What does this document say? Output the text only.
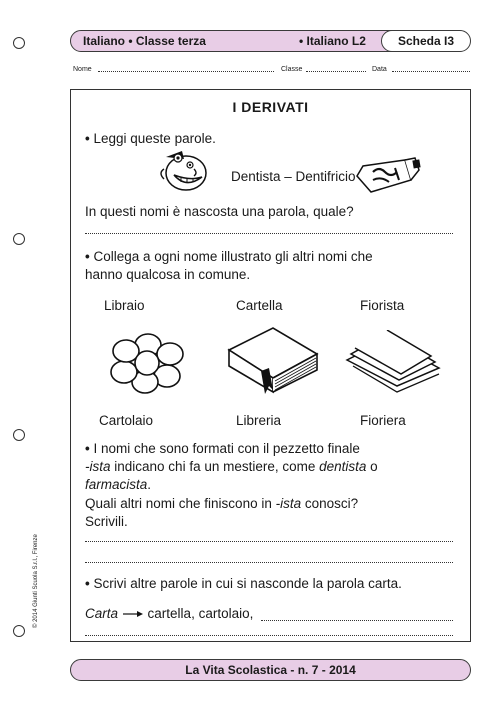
Italiano • Classe terza	• Italiano L2	Scheda I3
Nome	Classe	Data
I DERIVATI
• Leggi queste parole.
Dentista – Dentifricio
In questi nomi è nascosta una parola, quale?
• Collega a ogni nome illustrato gli altri nomi che
hanno qualcosa in comune.
Libraio	Cartella	Fiorista
Cartolaio	Libreria	Fioriera
• I nomi che sono formati con il pezzetto finale
-ista indicano chi fa un mestiere, come dentista o
farmacista.
Quali altri nomi che finiscono in -ista conosci?
Scrivili.
• Scrivi altre parole in cui si nasconde la parola carta.
Carta cartella, cartolaio,
© 2014 Giunti Scuola S.r.l., Firenze
La Vita Scolastica - n. 7 - 2014
